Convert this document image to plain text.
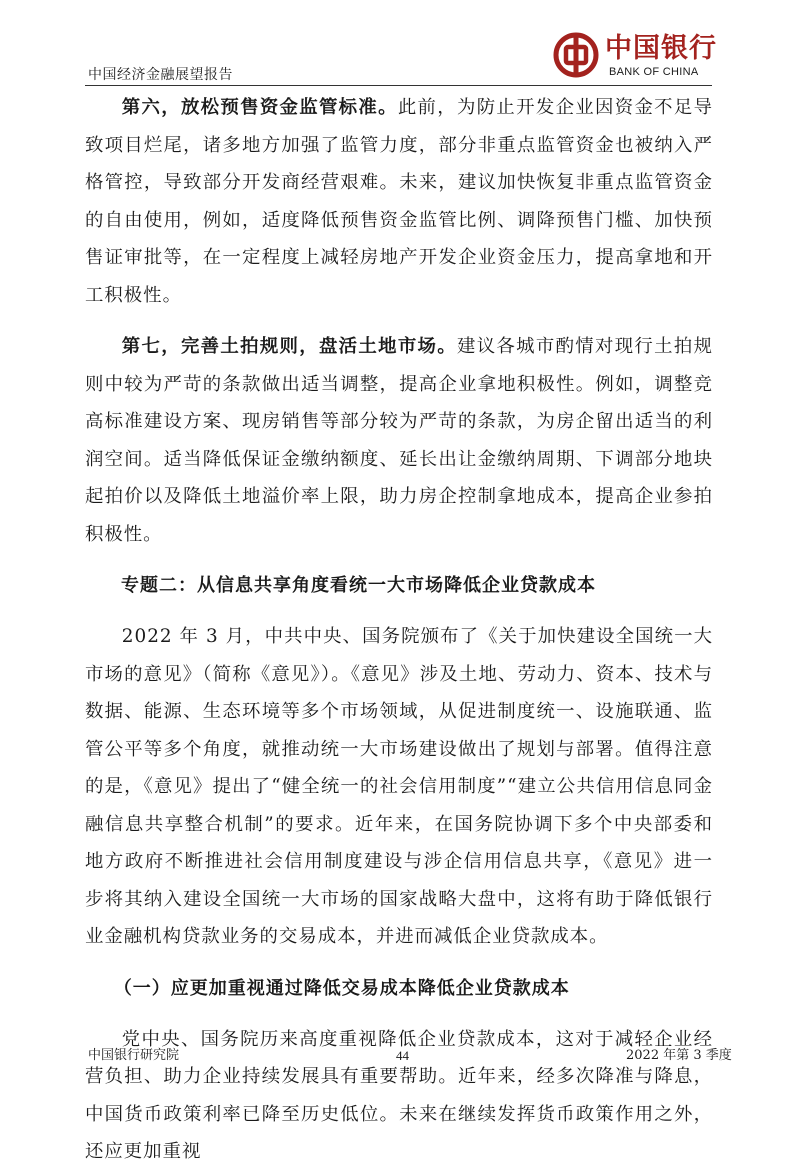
中国经济金融展望报告
中国银行
BANK OF CHINA

第六，放松预售资金监管标准。此前，为防止开发企业因资金不足导致项目烂尾，诸多地方加强了监管力度，部分非重点监管资金也被纳入严格管控，导致部分开发商经营艰难。未来，建议加快恢复非重点监管资金的自由使用，例如，适度降低预售资金监管比例、调降预售门槛、加快预售证审批等，在一定程度上减轻房地产开发企业资金压力，提高拿地和开工积极性。

第七，完善土拍规则，盘活土地市场。建议各城市酌情对现行土拍规则中较为严苛的条款做出适当调整，提高企业拿地积极性。例如，调整竞高标准建设方案、现房销售等部分较为严苛的条款，为房企留出适当的利润空间。适当降低保证金缴纳额度、延长出让金缴纳周期、下调部分地块起拍价以及降低土地溢价率上限，助力房企控制拿地成本，提高企业参拍积极性。

专题二：从信息共享角度看统一大市场降低企业贷款成本

2022 年 3 月，中共中央、国务院颁布了《关于加快建设全国统一大市场的意见》（简称《意见》）。《意见》涉及土地、劳动力、资本、技术与数据、能源、生态环境等多个市场领域，从促进制度统一、设施联通、监管公平等多个角度，就推动统一大市场建设做出了规划与部署。值得注意的是，《意见》提出了“健全统一的社会信用制度”“建立公共信用信息同金融信息共享整合机制”的要求。近年来，在国务院协调下多个中央部委和地方政府不断推进社会信用制度建设与涉企信用信息共享，《意见》进一步将其纳入建设全国统一大市场的国家战略大盘中，这将有助于降低银行业金融机构贷款业务的交易成本，并进而减低企业贷款成本。

（一）应更加重视通过降低交易成本降低企业贷款成本

党中央、国务院历来高度重视降低企业贷款成本，这对于减轻企业经营负担、助力企业持续发展具有重要帮助。近年来，经多次降准与降息，中国货币政策利率已降至历史低位。未来在继续发挥货币政策作用之外，还应更加重视

中国银行研究院	44	2022 年第 3 季度
